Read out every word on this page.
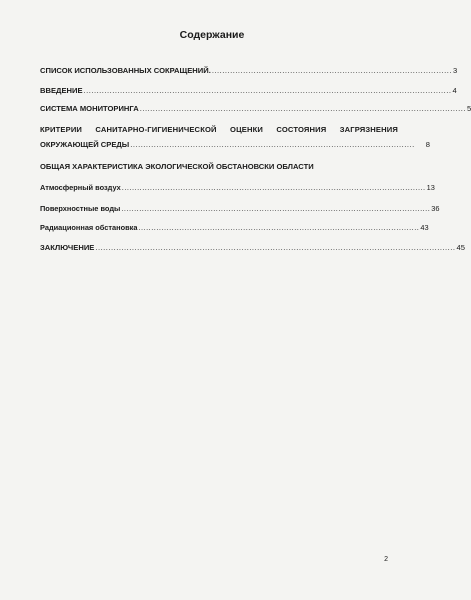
Содержание
СПИСОК ИСПОЛЬЗОВАННЫХ СОКРАЩЕНИЙ. ............................................................................................ 3
ВВЕДЕНИЕ ............................................................................................................................................. 4
СИСТЕМА МОНИТОРИНГА ............................................................................................................................. 5
КРИТЕРИИ САНИТАРНО-ГИГИЕНИЧЕСКОЙ ОЦЕНКИ СОСТОЯНИЯ ЗАГРЯЗНЕНИЯ
ОКРУЖАЮЩЕЙ СРЕДЫ ............................................................................................................. 8
ОБЩАЯ ХАРАКТЕРИСТИКА ЭКОЛОГИЧЕСКОЙ ОБСТАНОВСКИ ОБЛАСТИ
Атмосферный воздух ....................................................................................................................... 13
Поверхностные воды ......................................................................................................................... 36
Радиационная обстановка .............................................................................................................. 43
ЗАКЛЮЧЕНИЕ .......................................................................................................................................... 45
2
